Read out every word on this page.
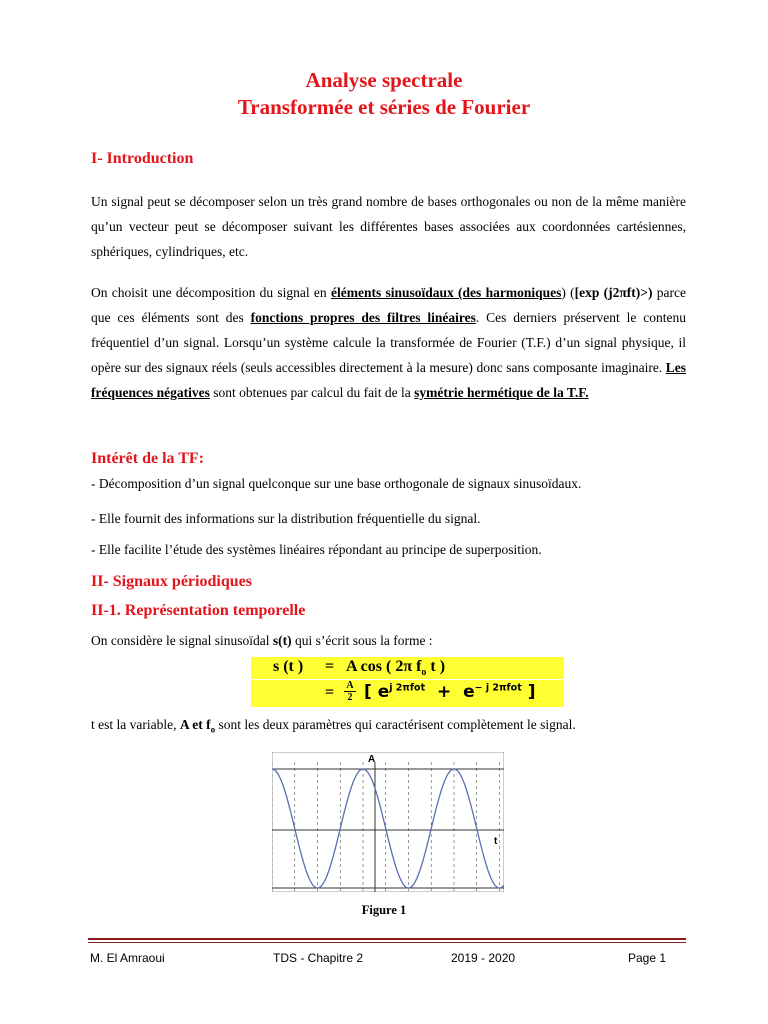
Analyse spectrale
Transformée et séries de Fourier
I- Introduction
Un signal peut se décomposer selon un très grand nombre de bases orthogonales ou non de la même manière qu’un vecteur peut se décomposer suivant les différentes bases associées aux coordonnées cartésiennes, sphériques, cylindriques, etc.
On choisit une décomposition du signal en éléments sinusoïdaux (des harmoniques) ([exp (j2πft)>) parce que ces éléments sont des fonctions propres des filtres linéaires. Ces derniers préservent le contenu fréquentiel d’un signal. Lorsqu’un système calcule la transformée de Fourier (T.F.) d’un signal physique, il opère sur des signaux réels (seuls accessibles directement à la mesure) donc sans composante imaginaire. Les fréquences négatives sont obtenues par calcul du fait de la symétrie hermétique de la T.F.
Intérêt de la TF:
- Décomposition d’un signal quelconque sur une base orthogonale de signaux sinusoïdaux.
- Elle fournit des informations sur la distribution fréquentielle du signal.
- Elle facilite l’étude des systèmes linéaires répondant au principe de superposition.
II- Signaux périodiques
II-1. Représentation temporelle
On considère le signal sinusoïdal s(t) qui s’écrit sous la forme :
s (t ) = A cos ( 2π $f_o$ t )
= A
2 [ $e^{j 2\pi fot} + e^{- j 2\pi fot}$ ]
t est la variable, A et $f_o$ sont les deux paramètres qui caractérisent complètement le signal.
A
t
Figure 1
M. El Amraoui	TDS - Chapitre 2	2019 - 2020	Page 1
